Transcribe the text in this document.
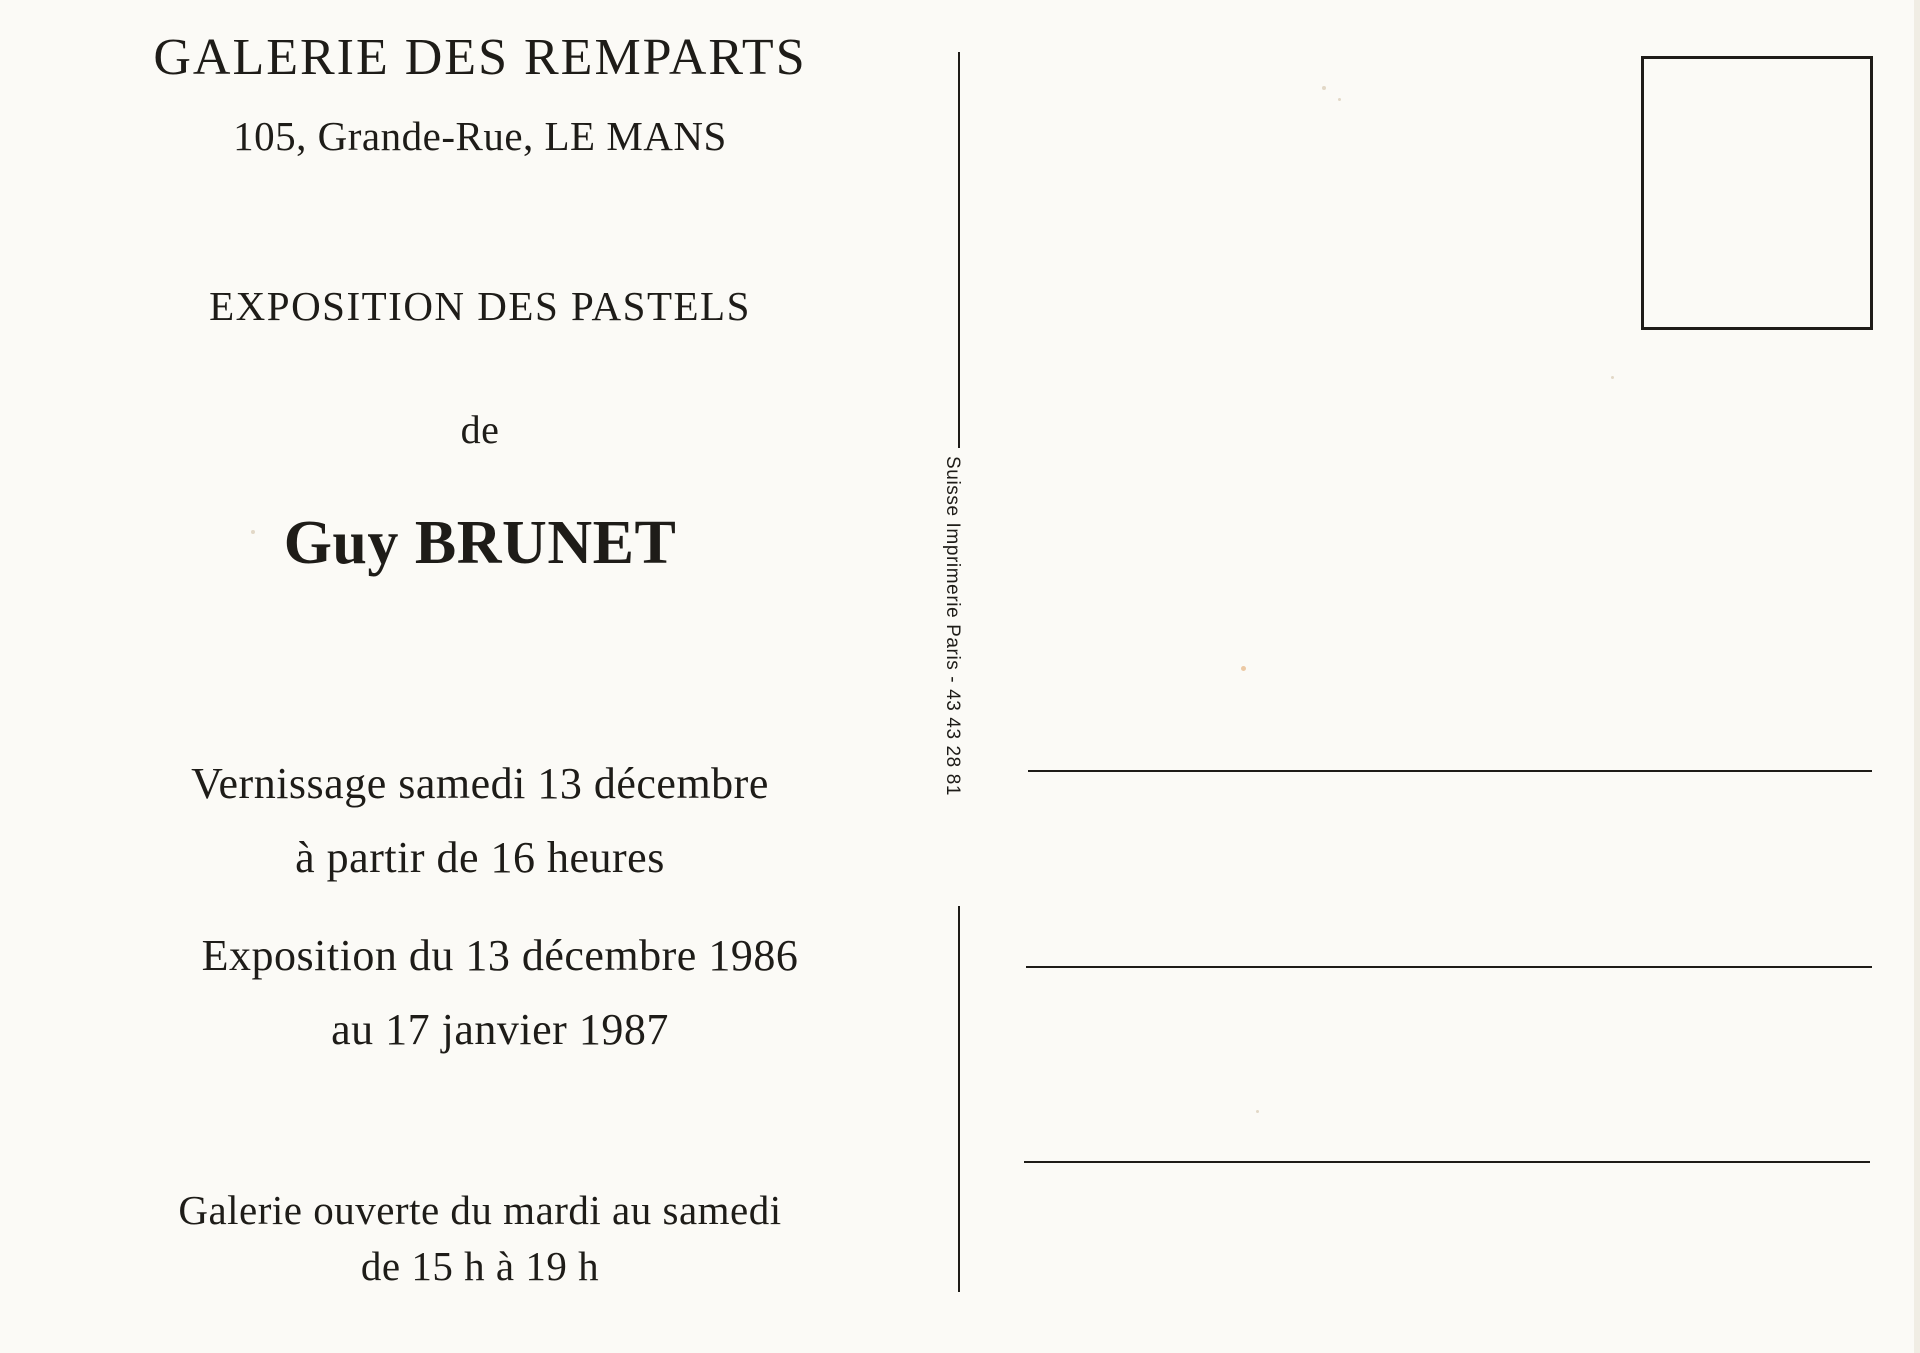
GALERIE DES REMPARTS
105, Grande-Rue, LE MANS
EXPOSITION DES PASTELS
de
Guy BRUNET
Vernissage samedi 13 décembre
à partir de 16 heures
Exposition du 13 décembre 1986
au 17 janvier 1987
Galerie ouverte du mardi au samedi
de 15 h à 19 h
Suisse Imprimerie Paris - 43 43 28 81
